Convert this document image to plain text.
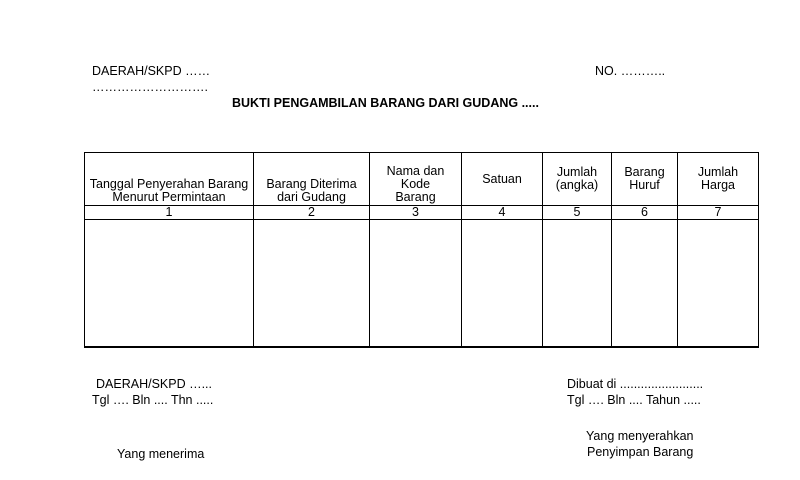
DAERAH/SKPD ……
……………………….
NO. ………..
BUKTI PENGAMBILAN BARANG DARI GUDANG .....
Tanggal Penyerahan Barang Menurut Permintaan	Barang Diterima dari Gudang	Nama dan Kode Barang	Satuan	Jumlah (angka)	Barang Huruf	Jumlah Harga

1	2	3	4	5	6	7

DAERAH/SKPD …...
Tgl …. Bln .... Thn .....
Yang menerima
Dibuat di ........................
Tgl …. Bln .... Tahun .....
Yang menyerahkan
Penyimpan Barang
